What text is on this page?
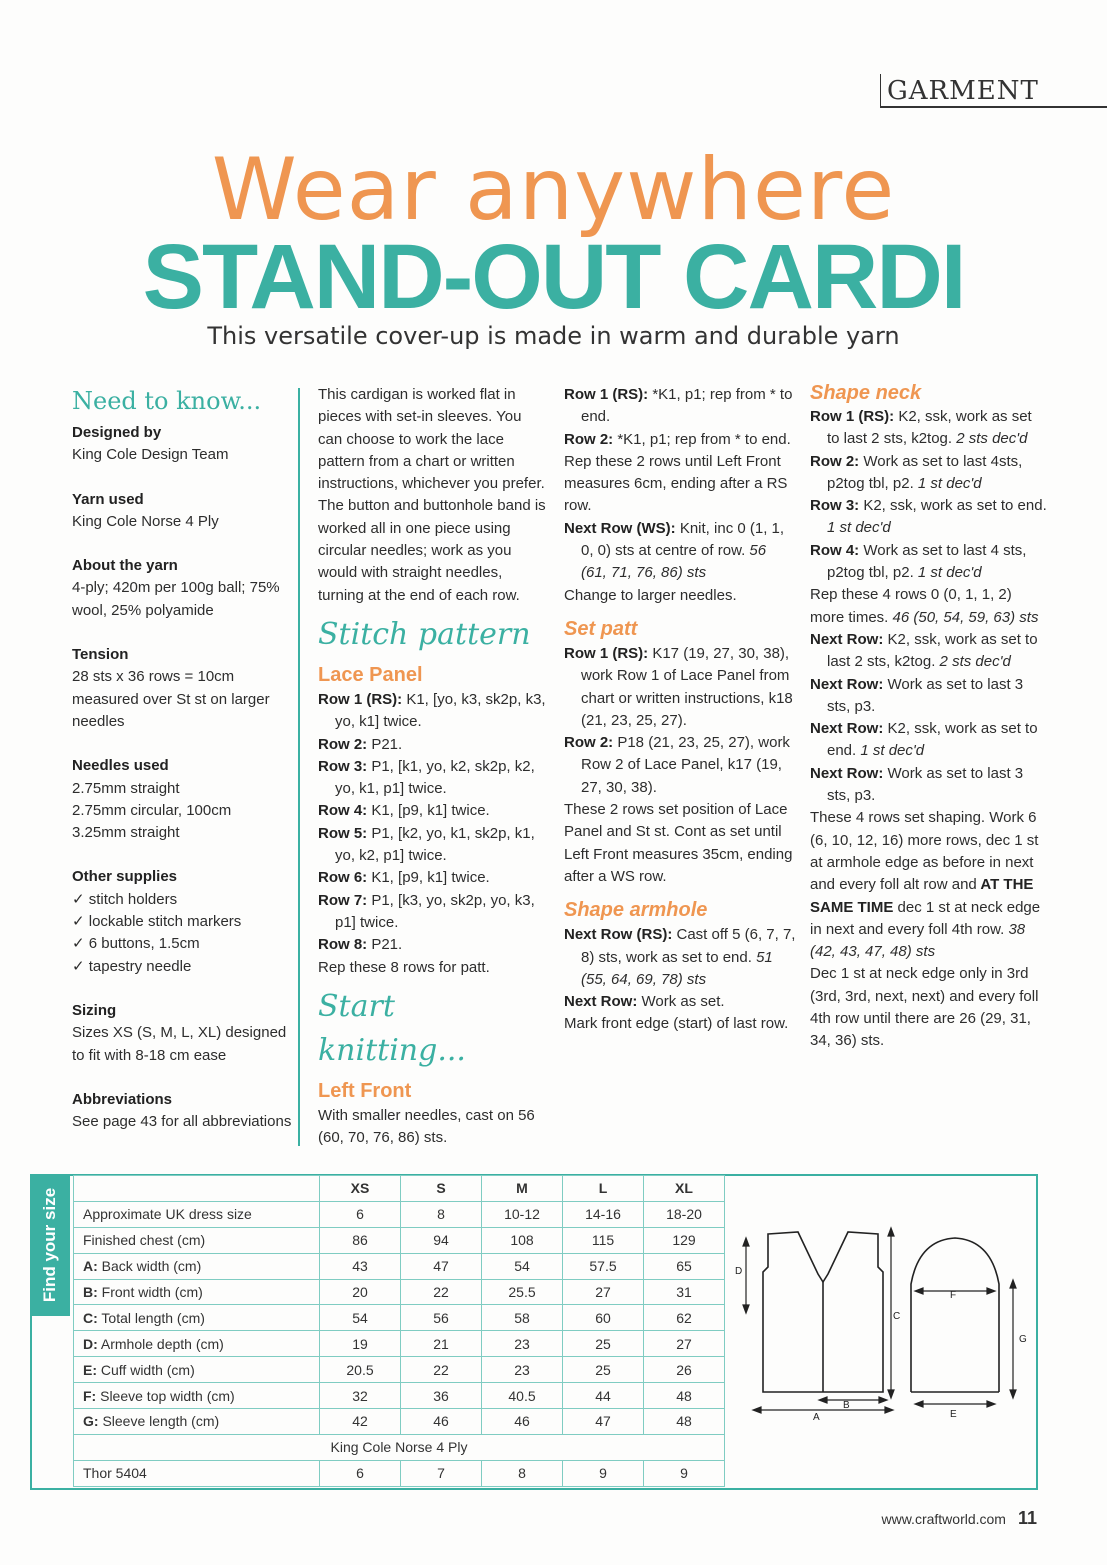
GARMENT
Wear anywhere
STAND-OUT CARDI
This versatile cover-up is made in warm and durable yarn
Need to know...
Designed by
King Cole Design Team
Yarn used
King Cole Norse 4 Ply
About the yarn
4-ply; 420m per 100g ball; 75% wool, 25% polyamide
Tension
28 sts x 36 rows = 10cm measured over St st on larger needles
Needles used
2.75mm straight
2.75mm circular, 100cm
3.25mm straight
Other supplies
✓ stitch holders
✓ lockable stitch markers
✓ 6 buttons, 1.5cm
✓ tapestry needle
Sizing
Sizes XS (S, M, L, XL) designed to fit with 8-18 cm ease
Abbreviations
See page 43 for all abbreviations

This cardigan is worked flat in pieces with set-in sleeves. You can choose to work the lace pattern from a chart or written instructions, whichever you prefer. The button and buttonhole band is worked all in one piece using circular needles; work as you would with straight needles, turning at the end of each row.

Stitch pattern
Lace Panel

Row 1 (RS): K1, [yo, k3, sk2p, k3, yo, k1] twice.

Row 2: P21.

Row 3: P1, [k1, yo, k2, sk2p, k2, yo, k1, p1] twice.

Row 4: K1, [p9, k1] twice.

Row 5: P1, [k2, yo, k1, sk2p, k1, yo, k2, p1] twice.

Row 6: K1, [p9, k1] twice.

Row 7: P1, [k3, yo, sk2p, yo, k3, p1] twice.

Row 8: P21.

Rep these 8 rows for patt.

Start knitting...
Left Front

With smaller needles, cast on 56 (60, 70, 76, 86) sts.

Row 1 (RS): *K1, p1; rep from * to end.

Row 2: *K1, p1; rep from * to end.

Rep these 2 rows until Left Front measures 6cm, ending after a RS row.

Next Row (WS): Knit, inc 0 (1, 1, 0, 0) sts at centre of row. 56 (61, 71, 76, 86) sts

Change to larger needles.

Set patt

Row 1 (RS): K17 (19, 27, 30, 38), work Row 1 of Lace Panel from chart or written instructions, k18 (21, 23, 25, 27).

Row 2: P18 (21, 23, 25, 27), work Row 2 of Lace Panel, k17 (19, 27, 30, 38).

These 2 rows set position of Lace Panel and St st. Cont as set until Left Front measures 35cm, ending after a WS row.

Shape armhole

Next Row (RS): Cast off 5 (6, 7, 7, 8) sts, work as set to end. 51 (55, 64, 69, 78) sts

Next Row: Work as set.

Mark front edge (start) of last row.

Shape neck

Row 1 (RS): K2, ssk, work as set to last 2 sts, k2tog. 2 sts dec'd

Row 2: Work as set to last 4sts, p2tog tbl, p2. 1 st dec'd

Row 3: K2, ssk, work as set to end. 1 st dec'd

Row 4: Work as set to last 4 sts, p2tog tbl, p2. 1 st dec'd

Rep these 4 rows 0 (0, 1, 1, 2) more times. 46 (50, 54, 59, 63) sts

Next Row: K2, ssk, work as set to last 2 sts, k2tog. 2 sts dec'd

Next Row: Work as set to last 3 sts, p3.

Next Row: K2, ssk, work as set to end. 1 st dec'd

Next Row: Work as set to last 3 sts, p3.

These 4 rows set shaping. Work 6 (6, 10, 12, 16) more rows, dec 1 st at armhole edge as before in next and every foll alt row and AT THE SAME TIME dec 1 st at neck edge in next and every foll 4th row. 38 (42, 43, 47, 48) sts

Dec 1 st at neck edge only in 3rd (3rd, 3rd, next, next) and every foll 4th row until there are 26 (29, 31, 34, 36) sts.

Find your size
		XS	S	M	L	XL
Approximate UK dress size	6	8	10-12	14-16	18-20
Finished chest (cm)	86	94	108	115	129
A: Back width (cm)	43	47	54	57.5	65
B: Front width (cm)	20	22	25.5	27	31
C: Total length (cm)	54	56	58	60	62
D: Armhole depth (cm)	19	21	23	25	27
E: Cuff width (cm)	20.5	22	23	25	26
F: Sleeve top width (cm)	32	36	40.5	44	48
G: Sleeve length (cm)	42	46	46	47	48
King Cole Norse 4 Ply					
Thor 5404	6	7	8	9	9
D
C
A
B
F
E
G
www.craftworld.com 11
